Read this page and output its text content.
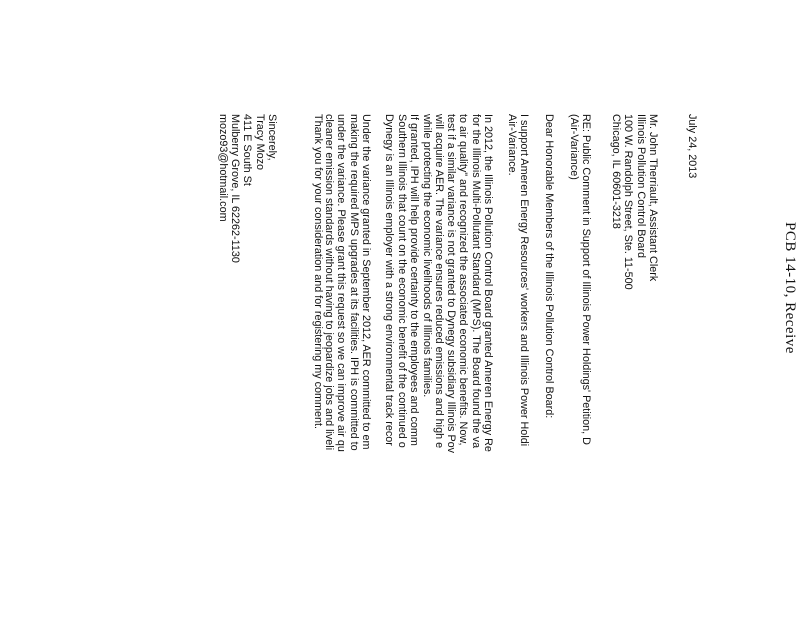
PCB 14-10, Receive
July 24, 2013
Mr. John Therriault, Assistant Clerk
Illinois Pollution Control Board
100 W. Randolph Street, Ste. 11-500
Chicago, IL 60601-3218
RE: Public Comment in Support of Illinois Power Holdings' Petition, D
(Air-Variance)
Dear Honorable Members of the Illinois Pollution Control Board:
I support Ameren Energy Resources' workers and Illinois Power Holdi
Air-Variance.
In 2012, the Illinois Pollution Control Board granted Ameren Energy Re
for the Illinois Multi-Pollutant Standard (MPS). The Board found the va
to air quality" and recognized the associated economic benefits. Now,
test if a similar variance is not granted to Dynegy subsidiary Illinois Pov
will acquire AER. The variance ensures reduced emissions and high e
while protecting the economic livelihoods of Illinois families.
If granted, IPH will help provide certainty to the employees and comm
Southern Illinois that count on the economic benefit of the continued o
Dynegy is an Illinois employer with a strong environmental track recor
Under the variance granted in September 2012, AER committed to em
making the required MPS upgrades at its facilities. IPH is committed to
under the variance. Please grant this request so we can improve air qu
cleaner emission standards without having to jeopardize jobs and liveli
Thank you for your consideration and for registering my comment.
Sincerely,
Tracy Mozo
411 E South St
Mulberry Grove, IL 62262-1130
mozo93@hotmail.com
